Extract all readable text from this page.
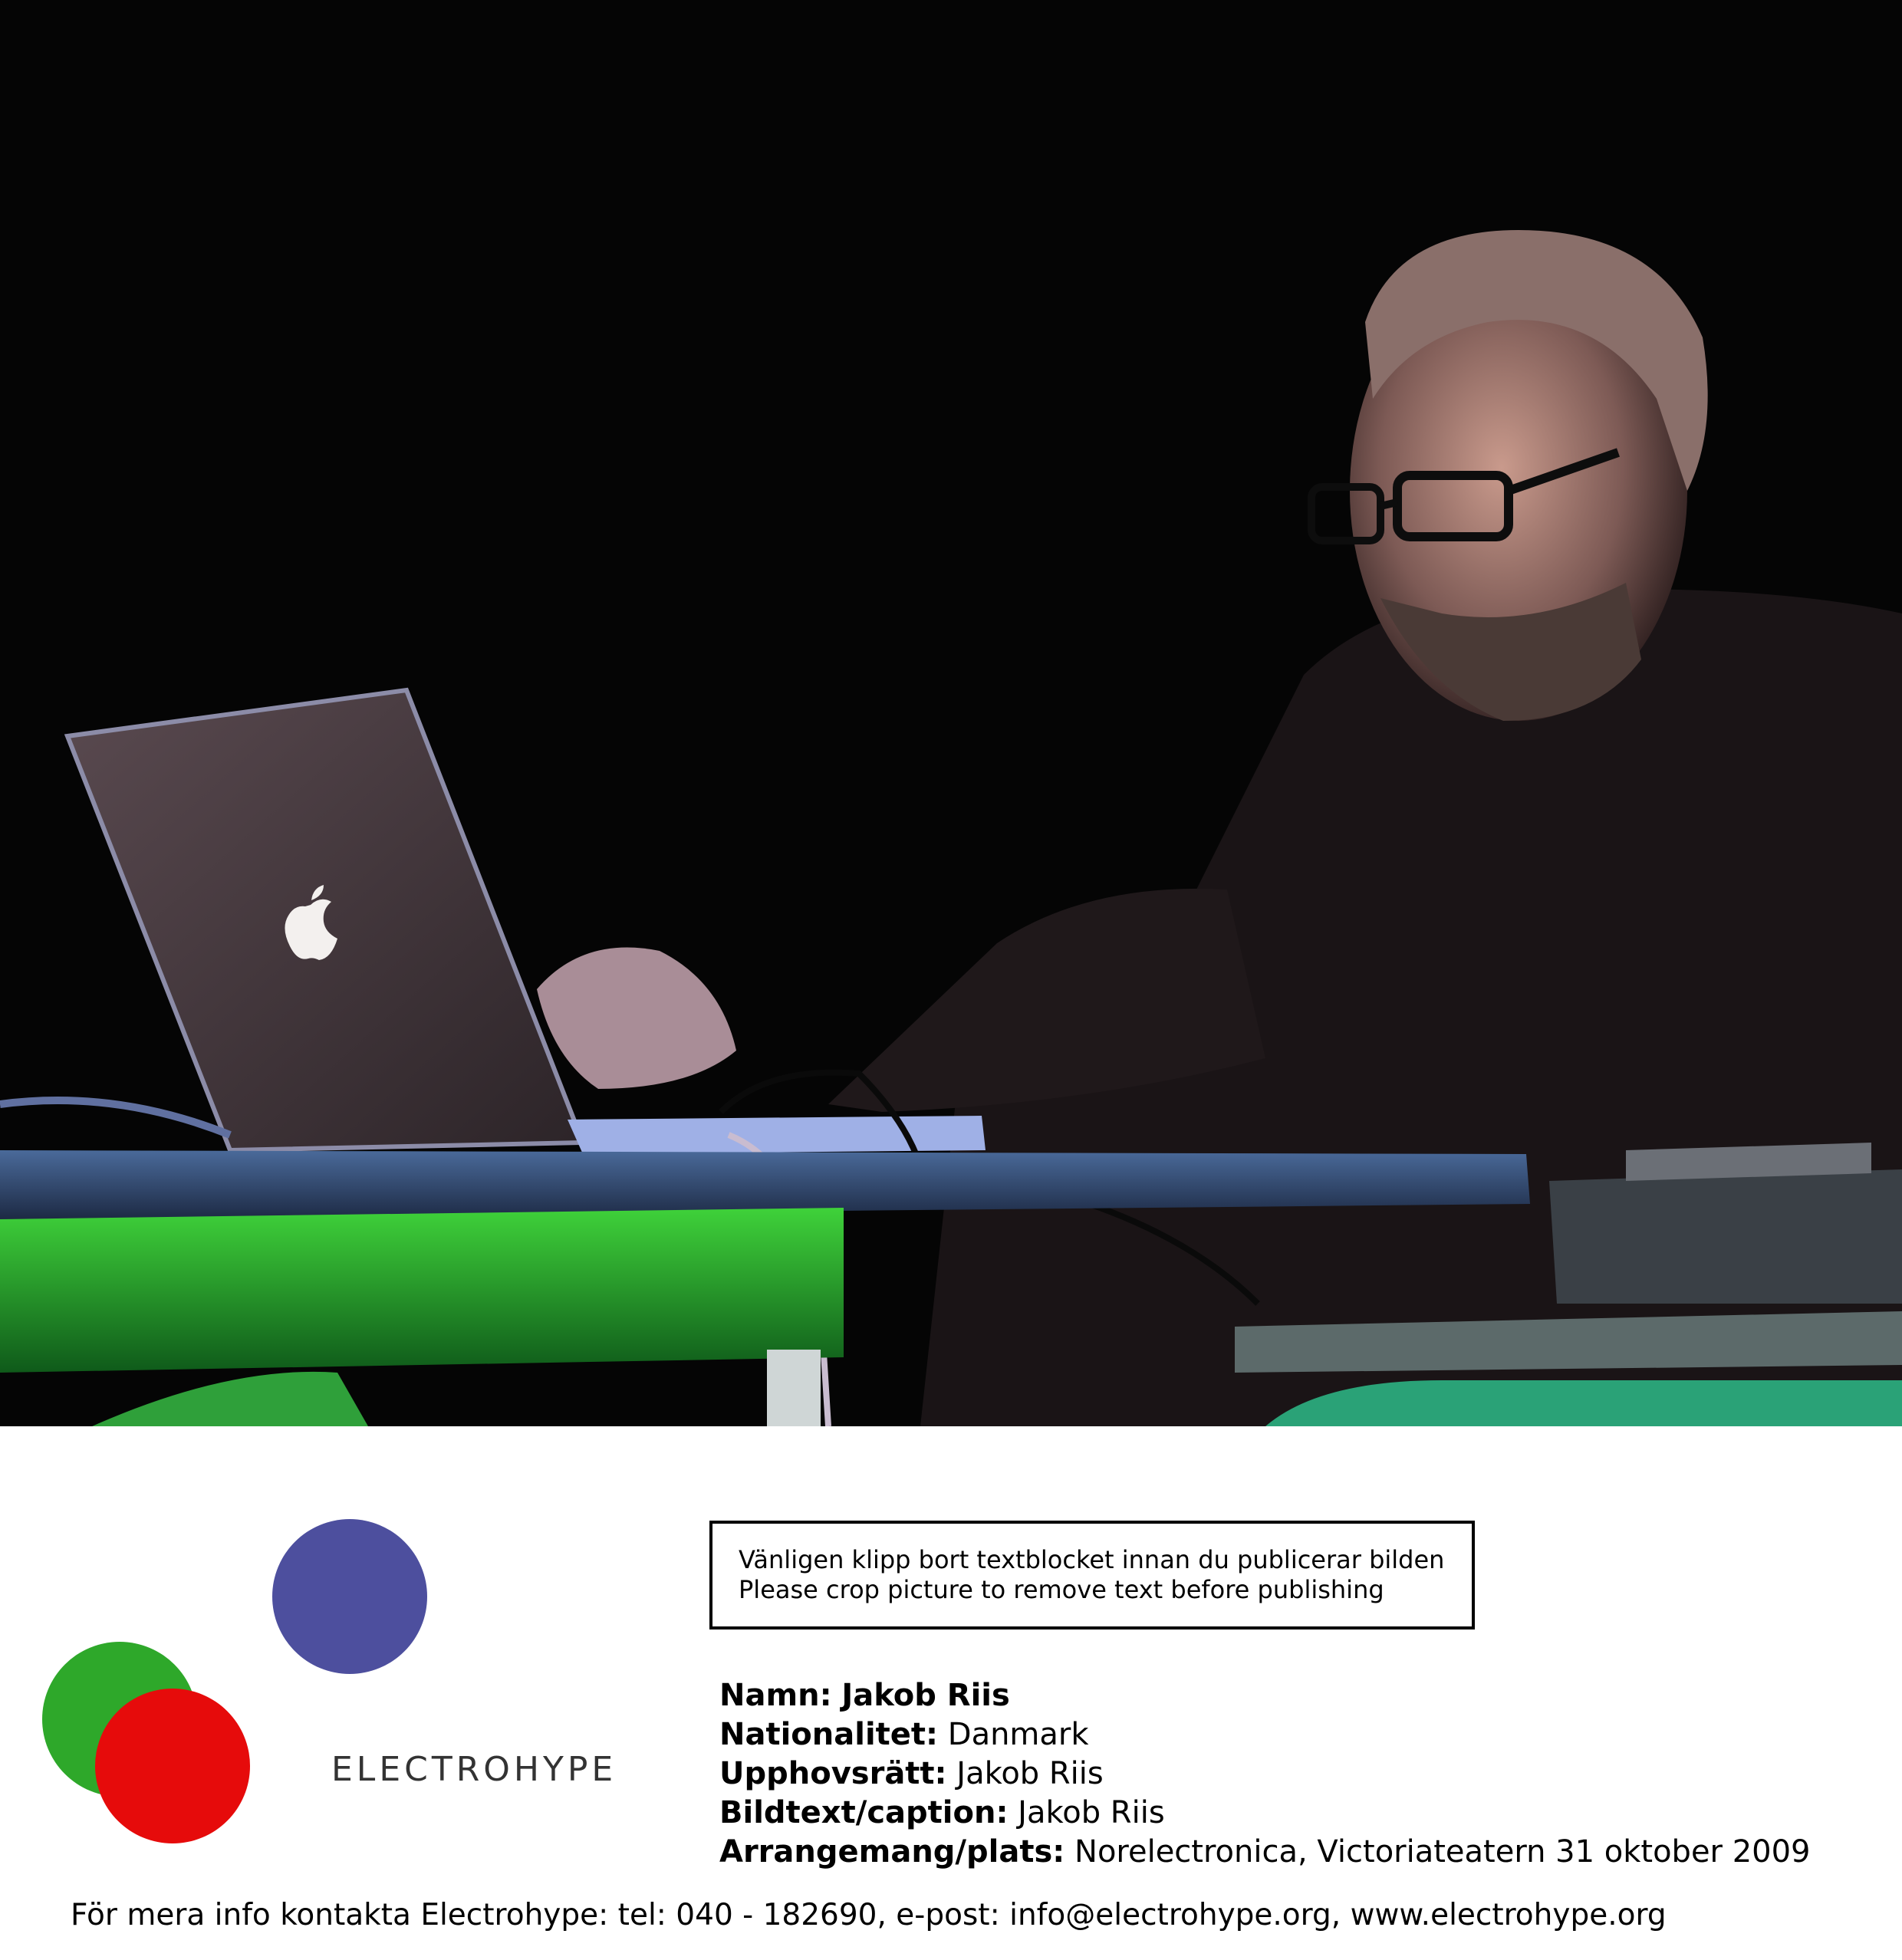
ELECTROHYPE
Vänligen klipp bort textblocket innan du publicerar bilden
Please crop picture to remove text before publishing
Namn: Jakob Riis
Nationalitet: Danmark
Upphovsrätt: Jakob Riis
Bildtext/caption: Jakob Riis
Arrangemang/plats: Norelectronica, Victoriateatern 31 oktober 2009
För mera info kontakta Electrohype: tel: 040 - 182690, e-post: info@electrohype.org, www.electrohype.org
